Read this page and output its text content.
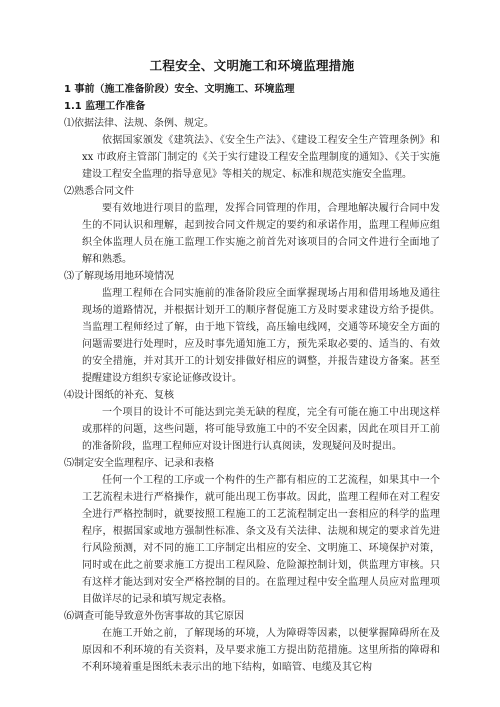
工程安全、文明施工和环境监理措施
1 事前（施工准备阶段）安全、文明施工、环境监理
1.1 监理工作准备
⑴依据法律、法规、条例、规定。

依据国家颁发《建筑法》、《安全生产法》、《建设工程安全生产管理条例》和 xx 市政府主管部门制定的《关于实行建设工程安全监理制度的通知》、《关于实施建设工程安全监理的指导意见》等相关的规定、标准和规范实施安全监理。

⑵熟悉合同文件

要有效地进行项目的监理，发挥合同管理的作用，合理地解决履行合同中发生的不同认识和理解，起到按合同文件规定的要约和承诺作用，监理工程师应组织全体监理人员在施工监理工作实施之前首先对该项目的合同文件进行全面地了解和熟悉。

⑶了解现场用地环境情况

监理工程师在合同实施前的准备阶段应全面掌握现场占用和借用场地及通往现场的道路情况，并根据计划开工的顺序督促施工方及时要求建设方给予提供。当监理工程师经过了解，由于地下管线，高压输电线网，交通等环境安全方面的问题需要进行处理时，应及时事先通知施工方，预先采取必要的、适当的、有效的安全措施，并对其开工的计划安排做好相应的调整，并报告建设方备案。甚至提醒建设方组织专家论证修改设计。

⑷设计图纸的补充、复核

一个项目的设计不可能达到完美无缺的程度，完全有可能在施工中出现这样或那样的问题，这些问题，将可能导致施工中的不安全因素，因此在项目开工前的准备阶段，监理工程师应对设计图进行认真阅读，发现疑问及时提出。

⑸制定安全监理程序、记录和表格

任何一个工程的工序或一个构件的生产都有相应的工艺流程，如果其中一个工艺流程未进行严格操作，就可能出现工伤事故。因此，监理工程师在对工程安全进行严格控制时，就要按照工程施工的工艺流程制定出一套相应的科学的监理程序，根据国家或地方强制性标准、条文及有关法律、法规和规定的要求首先进行风险预测，对不同的施工工序制定出相应的安全、文明施工、环境保护对策，同时或在此之前要求施工方提出工程风险、危险源控制计划，供监理方审核。只有这样才能达到对安全严格控制的目的。在监理过程中安全监理人员应对监理项目做详尽的记录和填写规定表格。

⑹调查可能导致意外伤害事故的其它原因

在施工开始之前，了解现场的环境，人为障碍等因素，以便掌握障碍所在及原因和不利环境的有关资料，及早要求施工方提出防范措施。这里所指的障碍和不利环境着重是图纸未表示出的地下结构，如暗管、电缆及其它构
